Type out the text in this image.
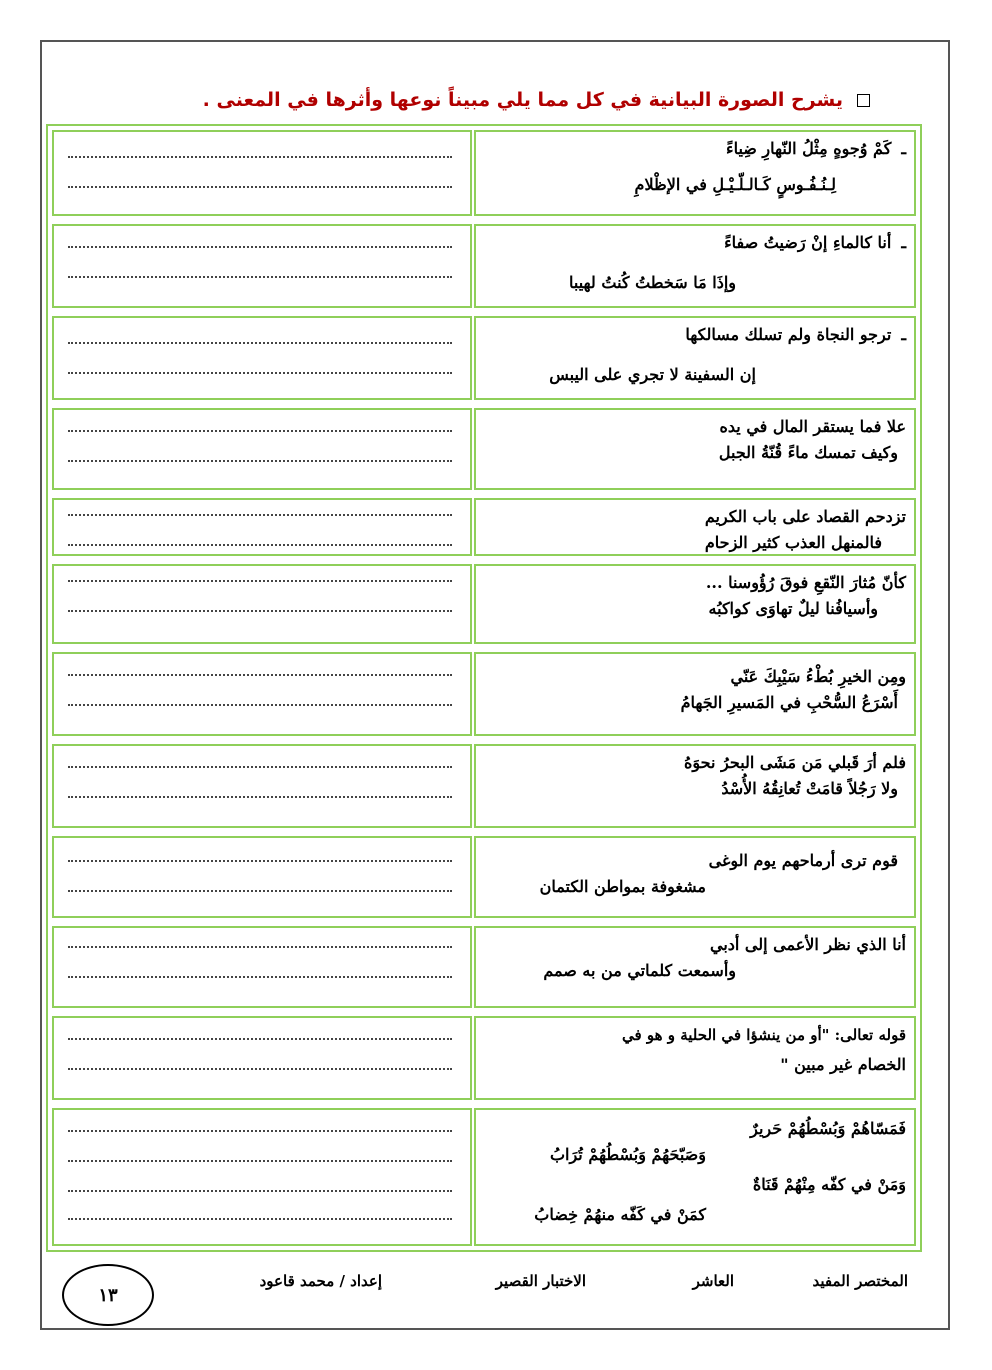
يشرح الصورة البيانية في كل مما يلي مبيناً نوعها وأثرها في المعنى .
ـكَمْ وُجوهٍ مِثْلُ النّهارِ ضِياءً
لِـنُـفُـوسٍ كَـالـلّـيْـلِ في الإظْلامِ
ـأنا كالماءِ إنْ رَضيتُ صفاءً
وإذَا مَا سَخطتُ كُنتُ لهيبا
ـترجو النجاة ولم تسلك مسالكها
إن السفينة لا تجري على اليبس
علا فما يستقر المال في يده
وكيف تمسك ماءً قُنّةُ الجبل
تزدحم القصاد على باب الكريم
فالمنهل العذب كثير الزحام
كأنّ مُثارَ النّقعِ فوقَ رُؤُوسنا ...
وأسيافُنا ليلٌ تهاوَى كواكبُه
ومِن الخيرِ بُطْءُ سَيْبِكَ عَنّي
أَسْرَعُ السُّحْبِ في المَسيرِ الجَهامُ
فلم أرَ قَبلي مَن مَشَى البحرُ نحوَهُ
ولا رَجُلاً قامَتْ تُعانِقُهُ الأُسْدُ
قوم ترى أرماحهم يوم الوغى
مشغوفة بمواطن الكتمان
أنا الذي نظر الأعمى إلى أدبي
وأسمعت كلماتي من به صمم
قوله تعالى: "أو من ينشؤا في الحلية و هو في
الخصام غير مبين "
فَمَسّاهُمْ وَبُسْطُهُمْ حَريرٌ
وَصَبّحَهُمْ وَبُسْطُهُمْ تُرَابُ
وَمَنْ في كفّه مِنْهُمْ قَنَاةٌ
كمَنْ في كَفّه منهُمْ خِضابُ
المختصر المفيد
العاشر
الاختبار القصير
إعداد / محمد قاعود
١٣
